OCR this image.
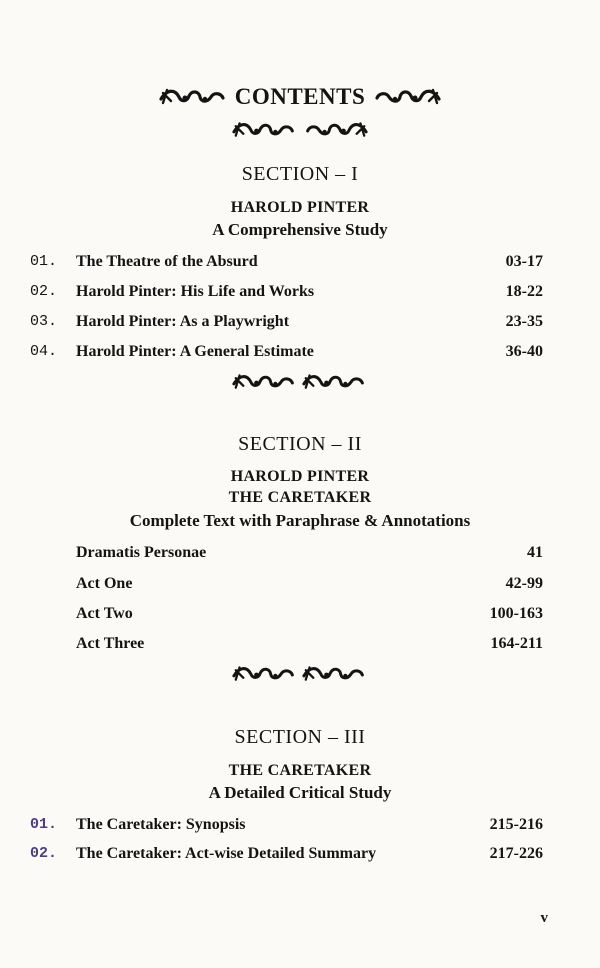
CONTENTS
SECTION – I
HAROLD PINTER
A Comprehensive Study
01. The Theatre of the Absurd	03-17
02. Harold Pinter: His Life and Works	18-22
03. Harold Pinter: As a Playwright	23-35
04. Harold Pinter: A General Estimate	36-40
SECTION – II
HAROLD PINTER
THE CARETAKER
Complete Text with Paraphrase & Annotations
Dramatis Personae	41
Act One	42-99
Act Two	100-163
Act Three	164-211
SECTION – III
THE CARETAKER
A Detailed Critical Study
01. The Caretaker: Synopsis	215-216
02. The Caretaker: Act-wise Detailed Summary	217-226
v
